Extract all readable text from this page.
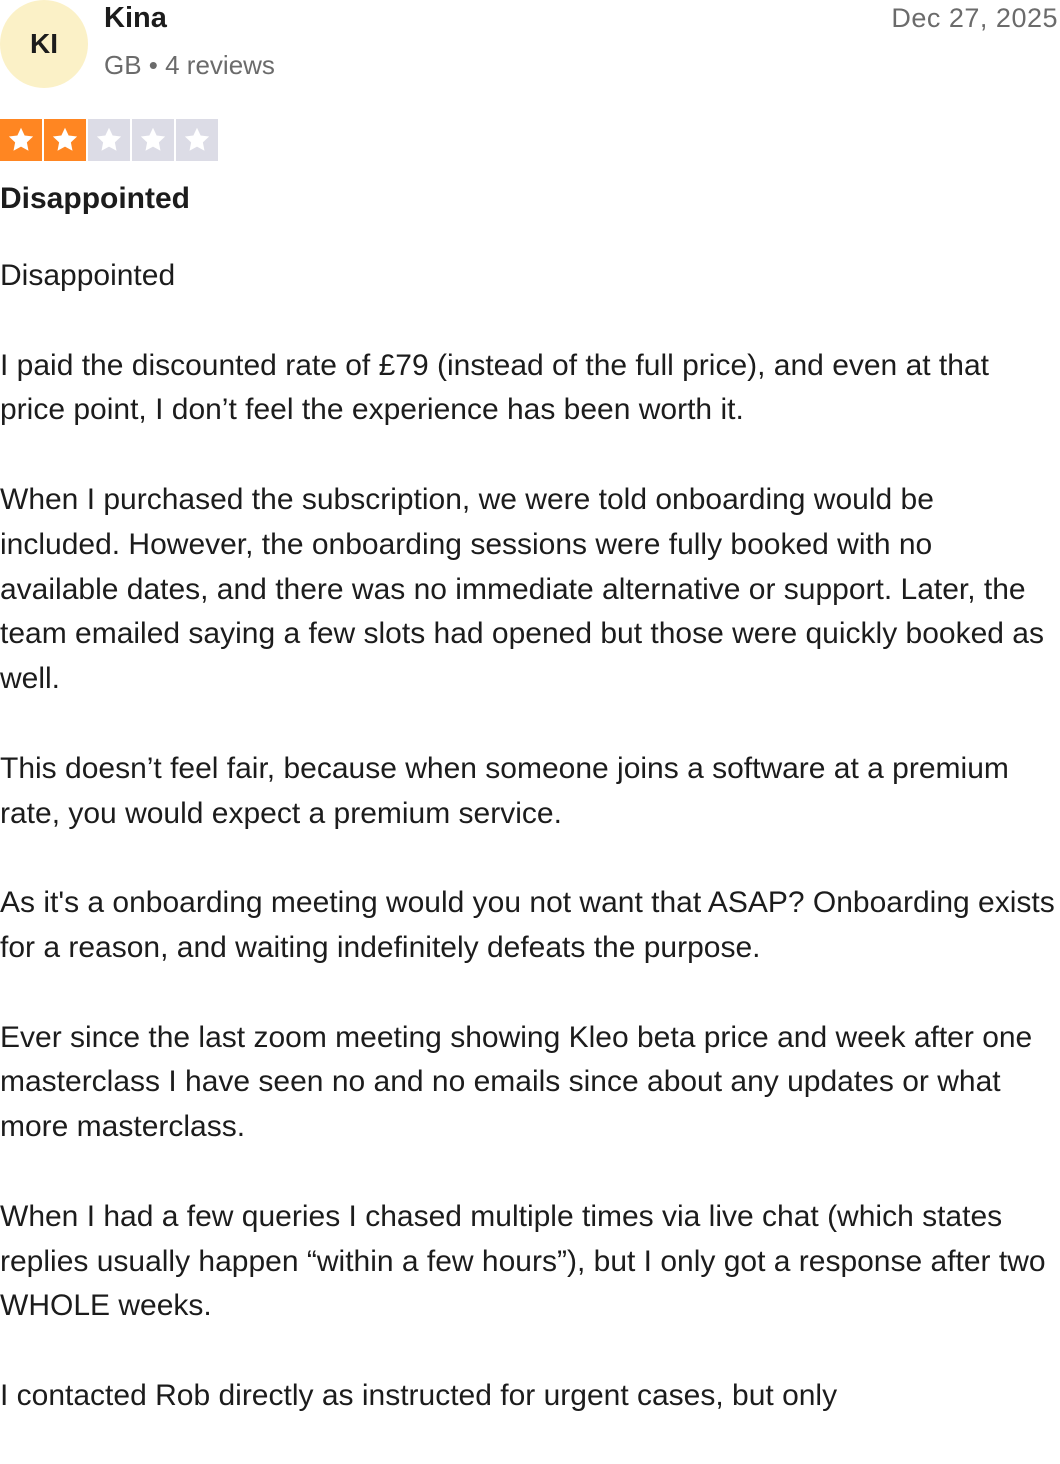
KI
Kina
GB • 4 reviews
Dec 27, 2025
Disappointed

Disappointed

I paid the discounted rate of £79 (instead of the full price), and even at that price point, I don’t feel the experience has been worth it.

When I purchased the subscription, we were told onboarding would be included. However, the onboarding sessions were fully booked with no available dates, and there was no immediate alternative or support. Later, the team emailed saying a few slots had opened but those were quickly booked as well.

This doesn’t feel fair, because when someone joins a software at a premium rate, you would expect a premium service.

As it's a onboarding meeting would you not want that ASAP? Onboarding exists for a reason, and waiting indefinitely defeats the purpose.

Ever since the last zoom meeting showing Kleo beta price and week after one masterclass I have seen no and no emails since about any updates or what more masterclass.

When I had a few queries I chased multiple times via live chat (which states replies usually happen “within a few hours”), but I only got a response after two WHOLE weeks.

I contacted Rob directly as instructed for urgent cases, but only
